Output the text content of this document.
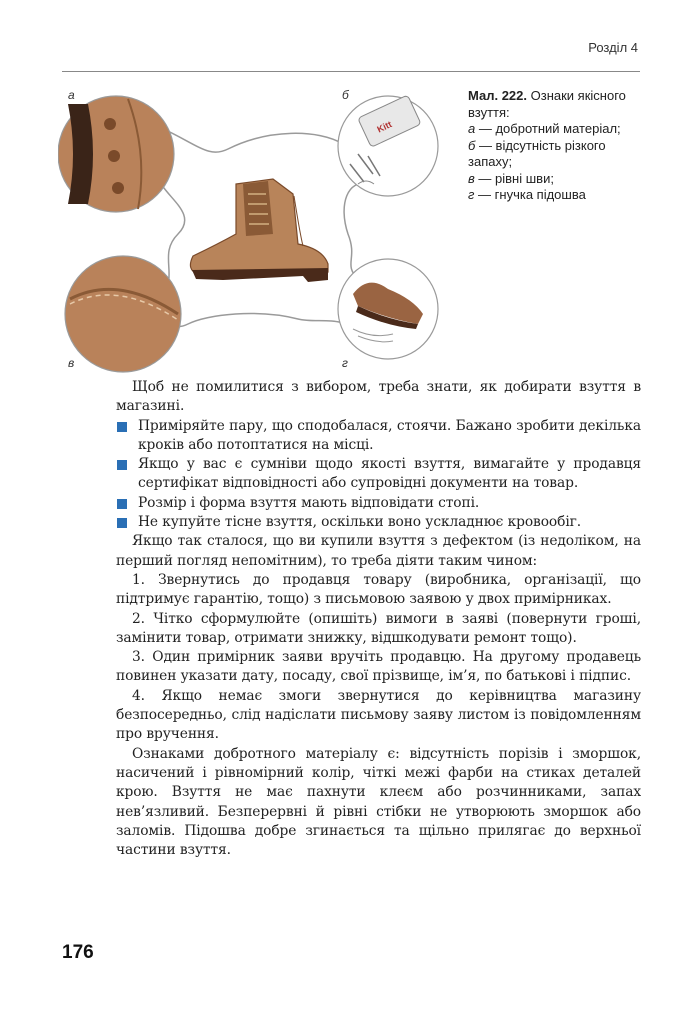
Розділ 4
Kitt
а	б
в	г
Мал. 222. Ознаки якісного взуття:
а — добротний матеріал;
б — відсутність різкого запаху;
в — рівні шви;
г — гнучка підошва

Щоб не помилитися з вибором, треба знати, як добирати взуття в магазині.

Приміряйте пару, що сподобалася, стоячи. Бажано зробити декілька кроків або потоптатися на місці.

Якщо у вас є сумніви щодо якості взуття, вимагайте у продавця сертифікат відповідності або супровідні документи на товар.

Розмір і форма взуття мають відповідати стопі.

Не купуйте тісне взуття, оскільки воно ускладнює кровообіг.

Якщо так сталося, що ви купили взуття з дефектом (із недоліком, на перший погляд непомітним), то треба діяти таким чином:

1. Звернутись до продавця товару (виробника, організації, що підтримує гарантію, тощо) з письмовою заявою у двох примірниках.

2. Чітко сформулюйте (опишіть) вимоги в заяві (повернути гроші, замінити товар, отримати знижку, відшкодувати ремонт тощо).

3. Один примірник заяви вручіть продавцю. На другому продавець повинен указати дату, посаду, свої прізвище, ім’я, по батькові і підпис.

4. Якщо немає змоги звернутися до керівництва магазину безпосередньо, слід надіслати письмову заяву листом із повідомленням про вручення.

Ознаками добротного матеріалу є: відсутність порізів і зморшок, насичений і рівномірний колір, чіткі межі фарби на стиках деталей крою. Взуття не має пахнути клеєм або розчинниками, запах нев’язливий. Безперервні й рівні стібки не утворюють зморшок або заломів. Підошва добре згинається та щільно прилягає до верхньої частини взуття.

176
